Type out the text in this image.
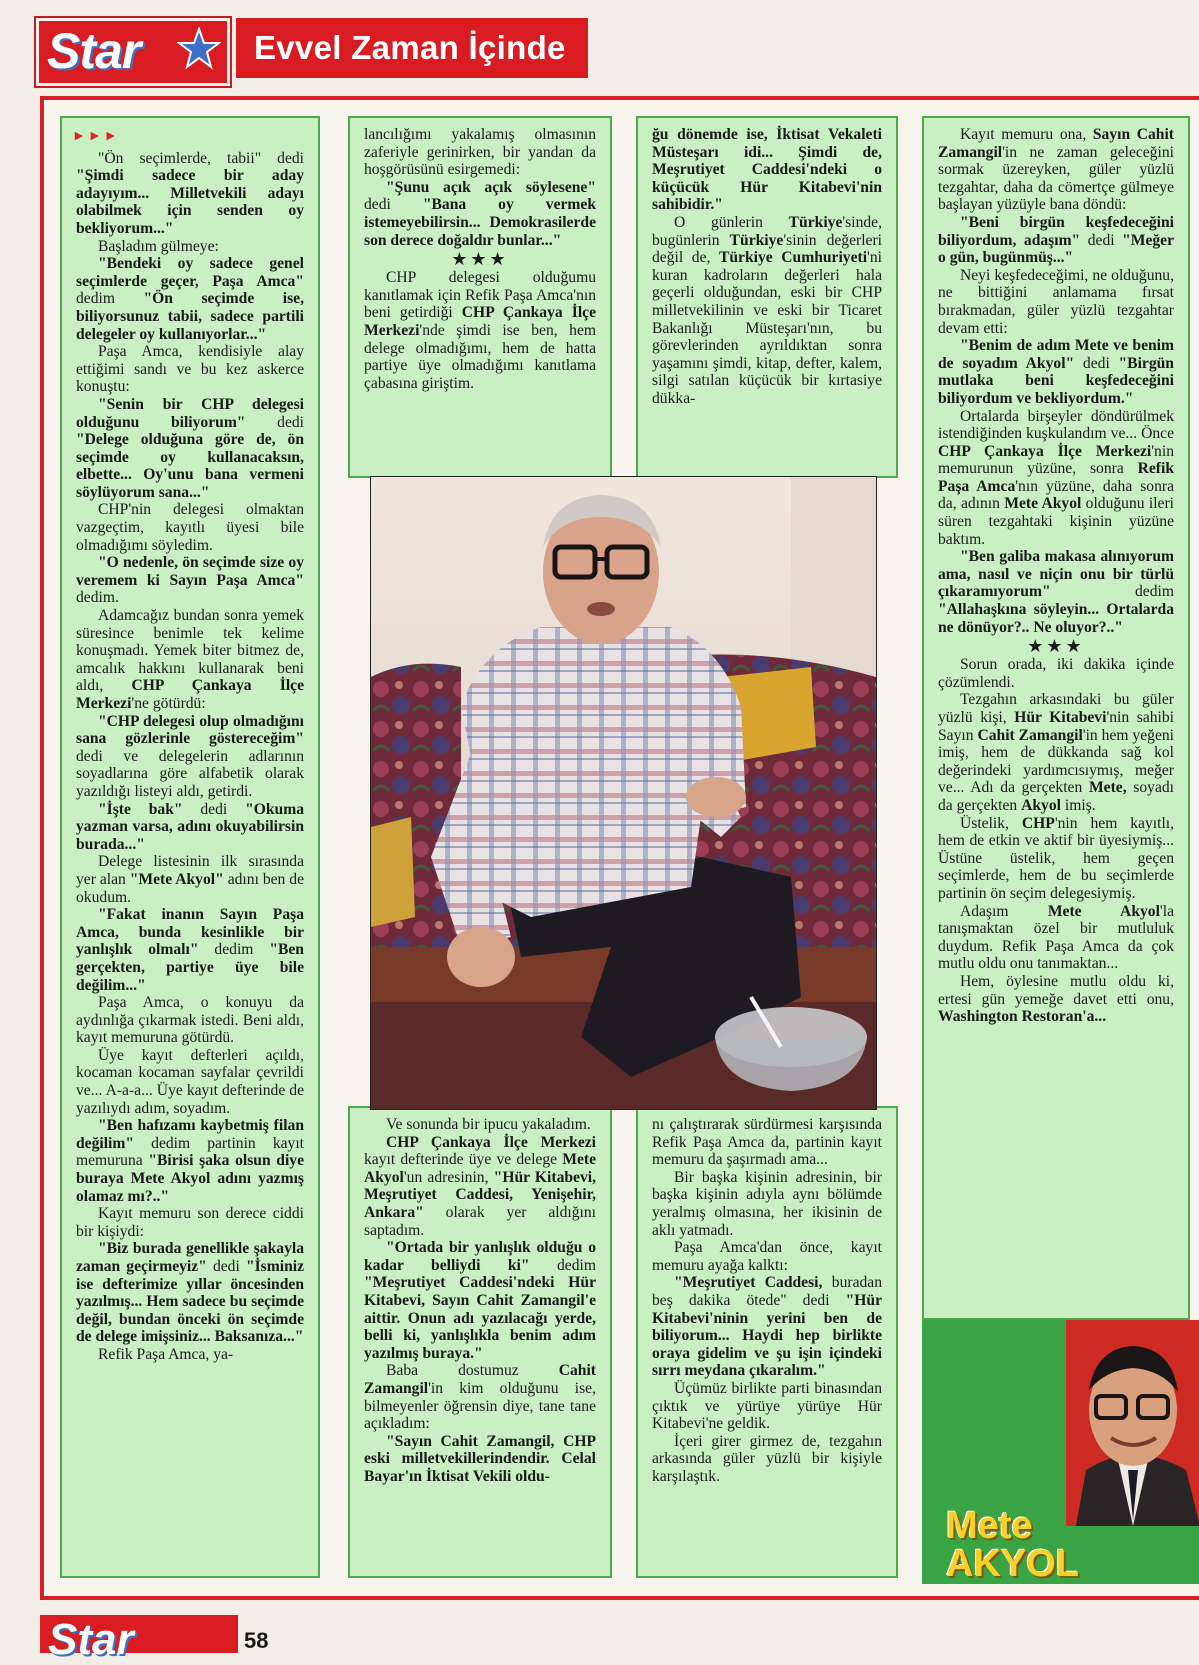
Star	Evvel Zaman İçinde
►►►

"Ön seçimlerde, tabii" dedi "Şimdi sadece bir aday adayıyım... Milletvekili adayı olabilmek için senden oy bekliyorum..."

Başladım gülmeye:

"Bendeki oy sadece genel seçimlerde geçer, Paşa Amca" dedim "Ön seçimde ise, biliyorsunuz tabii, sadece partili delegeler oy kullanıyorlar..."

Paşa Amca, kendisiyle alay ettiğimi sandı ve bu kez askerce konuştu:

"Senin bir CHP delegesi olduğunu biliyorum" dedi "Delege olduğuna göre de, ön seçimde oy kullanacaksın, elbette... Oy'unu bana vermeni söylüyorum sana..."

CHP'nin delegesi olmaktan vazgeçtim, kayıtlı üyesi bile olmadığımı söyledim.

"O nedenle, ön seçimde size oy veremem ki Sayın Paşa Amca" dedim.

Adamcağız bundan sonra yemek süresince benimle tek kelime konuşmadı. Yemek biter bitmez de, amcalık hakkını kullanarak beni aldı, CHP Çankaya İlçe Merkezi'ne götürdü:

"CHP delegesi olup olmadığını sana gözlerinle göstereceğim" dedi ve delegelerin adlarının soyadlarına göre alfabetik olarak yazıldığı listeyi aldı, getirdi.

"İşte bak" dedi "Okuma yazman varsa, adını okuyabilirsin burada..."

Delege listesinin ilk sırasında yer alan "Mete Akyol" adını ben de okudum.

"Fakat inanın Sayın Paşa Amca, bunda kesinlikle bir yanlışlık olmalı" dedim "Ben gerçekten, partiye üye bile değilim..."

Paşa Amca, o konuyu da aydınlığa çıkarmak istedi. Beni aldı, kayıt memuruna götürdü.

Üye kayıt defterleri açıldı, kocaman kocaman sayfalar çevrildi ve... A-a-a... Üye kayıt defterinde de yazılıydı adım, soyadım.

"Ben hafızamı kaybetmiş filan değilim" dedim partinin kayıt memuruna "Birisi şaka olsun diye buraya Mete Akyol adını yazmış olamaz mı?.."

Kayıt memuru son derece ciddi bir kişiydi:

"Biz burada genellikle şakayla zaman geçirmeyiz" dedi "İsminiz ise defterimize yıllar öncesinden yazılmış... Hem sadece bu seçimde değil, bundan önceki ön seçimde de delege imişsiniz... Baksanıza..."

Refik Paşa Amca, ya-

lancılığımı yakalamış olmasının zaferiyle gerinirken, bir yandan da hoşgörüsünü esirgemedi:

"Şunu açık açık söylesene" dedi "Bana oy vermek istemeyebilirsin... Demokrasilerde son derece doğaldır bunlar..."

★★★

CHP delegesi olduğumu kanıtlamak için Refik Paşa Amca'nın beni getirdiği CHP Çankaya İlçe Merkezi'nde şimdi ise ben, hem delege olmadığımı, hem de hatta partiye üye olmadığımı kanıtlama çabasına giriştim.

ğu dönemde ise, İktisat Vekaleti Müsteşarı idi... Şimdi de, Meşrutiyet Caddesi'ndeki o küçücük Hür Kitabevi'nin sahibidir."

O günlerin Türkiye'sinde, bugünlerin Türkiye'sinin değerleri değil de, Türkiye Cumhuriyeti'ni kuran kadroların değerleri hala geçerli olduğundan, eski bir CHP milletvekilinin ve eski bir Ticaret Bakanlığı Müsteşarı'nın, bu görevlerinden ayrıldıktan sonra yaşamını şimdi, kitap, defter, kalem, silgi satılan küçücük bir kırtasiye dükka-

Ve sonunda bir ipucu yakaladım.

CHP Çankaya İlçe Merkezi kayıt defterinde üye ve delege Mete Akyol'un adresinin, "Hür Kitabevi, Meşrutiyet Caddesi, Yenişehir, Ankara" olarak yer aldığını saptadım.

"Ortada bir yanlışlık olduğu o kadar belliydi ki" dedim "Meşrutiyet Caddesi'ndeki Hür Kitabevi, Sayın Cahit Zamangil'e aittir. Onun adı yazılacağı yerde, belli ki, yanlışlıkla benim adım yazılmış buraya."

Baba dostumuz Cahit Zamangil'in kim olduğunu ise, bilmeyenler öğrensin diye, tane tane açıkladım:

"Sayın Cahit Zamangil, CHP eski milletvekillerindendir. Celal Bayar'ın İktisat Vekili oldu-

nı çalıştırarak sürdürmesi karşısında Refik Paşa Amca da, partinin kayıt memuru da şaşırmadı ama...

Bir başka kişinin adresinin, bir başka kişinin adıyla aynı bölümde yeralmış olmasına, her ikisinin de aklı yatmadı.

Paşa Amca'dan önce, kayıt memuru ayağa kalktı:

"Meşrutiyet Caddesi, buradan beş dakika ötede" dedi "Hür Kitabevi'ninin yerini ben de biliyorum... Haydi hep birlikte oraya gidelim ve şu işin içindeki sırrı meydana çıkaralım."

Üçümüz birlikte parti binasından çıktık ve yürüye yürüye Hür Kitabevi'ne geldik.

İçeri girer girmez de, tezgahın arkasında güler yüzlü bir kişiyle karşılaştık.

Kayıt memuru ona, Sayın Cahit Zamangil'in ne zaman geleceğini sormak üzereyken, güler yüzlü tezgahtar, daha da cömertçe gülmeye başlayan yüzüyle bana döndü:

"Beni birgün keşfedeceğini biliyordum, adaşım" dedi "Meğer o gün, bugünmüş..."

Neyi keşfedeceğimi, ne olduğunu, ne bittiğini anlamama fırsat bırakmadan, güler yüzlü tezgahtar devam etti:

"Benim de adım Mete ve benim de soyadım Akyol" dedi "Birgün mutlaka beni keşfedeceğini biliyordum ve bekliyordum."

Ortalarda birşeyler döndürülmek istendiğinden kuşkulandım ve... Önce CHP Çankaya İlçe Merkezi'nin memurunun yüzüne, sonra Refik Paşa Amca'nın yüzüne, daha sonra da, adının Mete Akyol olduğunu ileri süren tezgahtaki kişinin yüzüne baktım.

"Ben galiba makasa alınıyorum ama, nasıl ve niçin onu bir türlü çıkaramıyorum" dedim "Allahaşkına söyleyin... Ortalarda ne dönüyor?.. Ne oluyor?.."

★★★

Sorun orada, iki dakika içinde çözümlendi.

Tezgahın arkasındaki bu güler yüzlü kişi, Hür Kitabevi'nin sahibi Sayın Cahit Zamangil'in hem yeğeni imiş, hem de dükkanda sağ kol değerindeki yardımcısıymış, meğer ve... Adı da gerçekten Mete, soyadı da gerçekten Akyol imiş.

Üstelik, CHP'nin hem kayıtlı, hem de etkin ve aktif bir üyesiymiş... Üstüne üstelik, hem geçen seçimlerde, hem de bu seçimlerde partinin ön seçim delegesiymiş.

Adaşım Mete Akyol'la tanışmaktan özel bir mutluluk duydum. Refik Paşa Amca da çok mutlu oldu onu tanımaktan...

Hem, öylesine mutlu oldu ki, ertesi gün yemeğe davet etti onu, Washington Restoran'a...

Mete
AKYOL
Star	58
